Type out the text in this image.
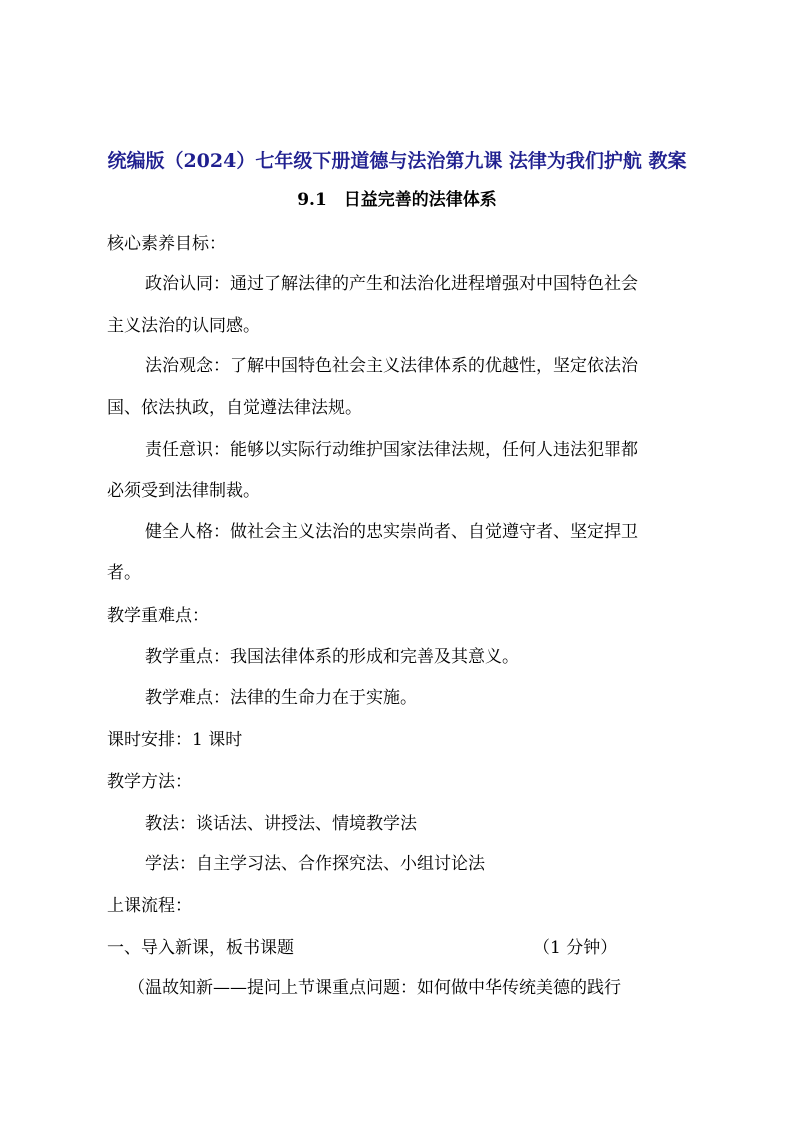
统编版（2024）七年级下册道德与法治第九课 法律为我们护航 教案
9.1　日益完善的法律体系
核心素养目标：
政治认同：通过了解法律的产生和法治化进程增强对中国特色社会
主义法治的认同感。
法治观念：了解中国特色社会主义法律体系的优越性，坚定依法治
国、依法执政，自觉遵法律法规。
责任意识：能够以实际行动维护国家法律法规，任何人违法犯罪都
必须受到法律制裁。
健全人格：做社会主义法治的忠实崇尚者、自觉遵守者、坚定捍卫
者。
教学重难点：
教学重点：我国法律体系的形成和完善及其意义。
教学难点：法律的生命力在于实施。
课时安排：1 课时
教学方法：
教法：谈话法、讲授法、情境教学法
学法：自主学习法、合作探究法、小组讨论法
上课流程：
一、导入新课，板书课题	（1 分钟）
（温故知新——提问上节课重点问题：如何做中华传统美德的践行
